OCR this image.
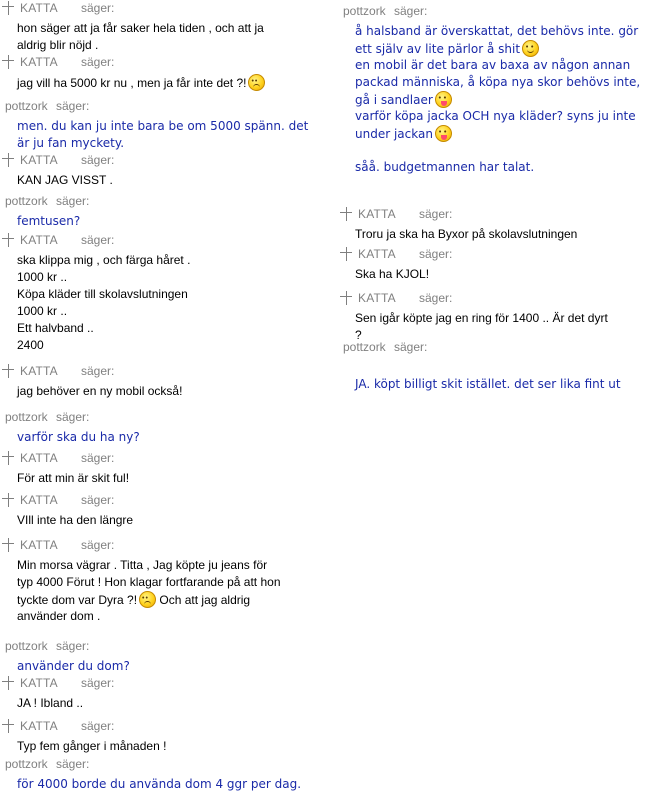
KATTA säger:
hon säger att ja får saker hela tiden , och att ja
aldrig blir nöjd .
KATTA säger:
jag vill ha 5000 kr nu , men ja får inte det ?!••
pottzork säger:
men. du kan ju inte bara be om 5000 spänn. det
är ju fan myckety.
KATTA säger:
KAN JAG VISST .
pottzork säger:
femtusen?
KATTA säger:
ska klippa mig , och färga håret .
1000 kr ..
Köpa kläder till skolavslutningen
1000 kr ..
Ett halvband ..
2400
KATTA säger:
jag behöver en ny mobil också!
pottzork säger:
varför ska du ha ny?
KATTA säger:
För att min är skit ful!
KATTA säger:
VIll inte ha den längre
KATTA säger:
Min morsa vägrar . Titta , Jag köpte ju jeans för
typ 4000 Förut ! Hon klagar fortfarande på att hon
tyckte dom var Dyra ?!•• Och att jag aldrig
använder dom .
pottzork säger:
använder du dom?
KATTA säger:
JA ! Ibland ..
KATTA säger:
Typ fem gånger i månaden !
pottzork säger:
för 4000 borde du använda dom 4 ggr per dag.
pottzork säger:
å halsband är överskattat, det behövs inte. gör
ett själv av lite pärlor å shit••
en mobil är det bara av baxa av någon annan
packad människa, å köpa nya skor behövs inte,
gå i sandlaer••
varför köpa jacka OCH nya kläder? syns ju inte
under jackan••
såå. budgetmannen har talat.
KATTA säger:
Troru ja ska ha Byxor på skolavslutningen
KATTA säger:
Ska ha KJOL!
KATTA säger:
Sen igår köpte jag en ring för 1400 .. Är det dyrt
?
pottzork säger:
JA. köpt billigt skit istället. det ser lika fint ut
